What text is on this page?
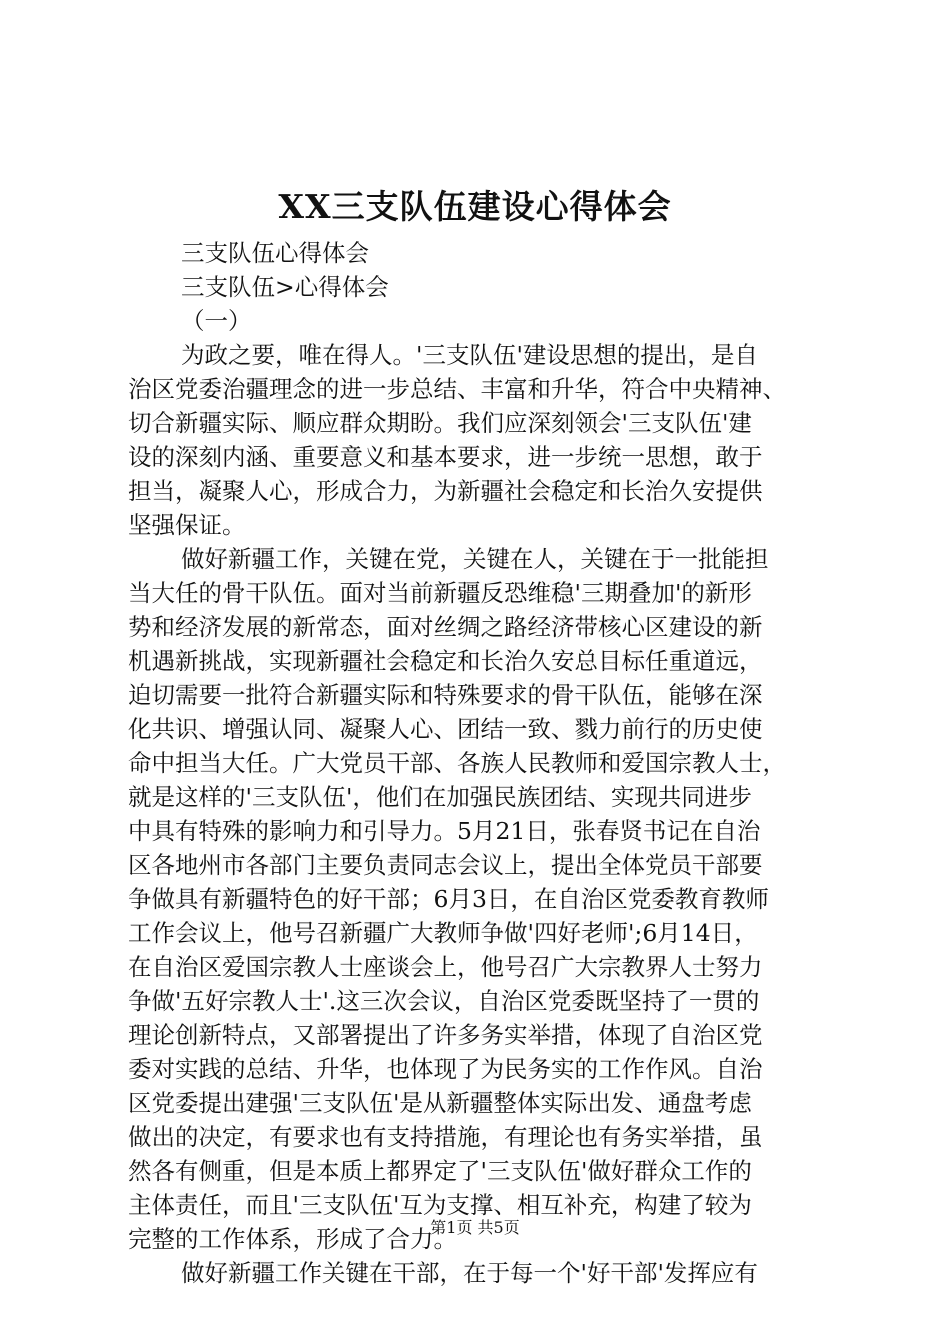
XX三支队伍建设心得体会
三支队伍心得体会
三支队伍>心得体会
（一）
为政之要，唯在得人。'三支队伍'建设思想的提出，是自
治区党委治疆理念的进一步总结、丰富和升华，符合中央精神、
切合新疆实际、顺应群众期盼。我们应深刻领会'三支队伍'建
设的深刻内涵、重要意义和基本要求，进一步统一思想，敢于
担当，凝聚人心，形成合力，为新疆社会稳定和长治久安提供
坚强保证。
做好新疆工作，关键在党，关键在人，关键在于一批能担
当大任的骨干队伍。面对当前新疆反恐维稳'三期叠加'的新形
势和经济发展的新常态，面对丝绸之路经济带核心区建设的新
机遇新挑战，实现新疆社会稳定和长治久安总目标任重道远，
迫切需要一批符合新疆实际和特殊要求的骨干队伍，能够在深
化共识、增强认同、凝聚人心、团结一致、戮力前行的历史使
命中担当大任。广大党员干部、各族人民教师和爱国宗教人士，
就是这样的'三支队伍'，他们在加强民族团结、实现共同进步
中具有特殊的影响力和引导力。5月21日，张春贤书记在自治
区各地州市各部门主要负责同志会议上，提出全体党员干部要
争做具有新疆特色的好干部；6月3日，在自治区党委教育教师
工作会议上，他号召新疆广大教师争做'四好老师';6月14日，
在自治区爱国宗教人士座谈会上，他号召广大宗教界人士努力
争做'五好宗教人士'.这三次会议，自治区党委既坚持了一贯的
理论创新特点，又部署提出了许多务实举措，体现了自治区党
委对实践的总结、升华，也体现了为民务实的工作作风。自治
区党委提出建强'三支队伍'是从新疆整体实际出发、通盘考虑
做出的决定，有要求也有支持措施，有理论也有务实举措，虽
然各有侧重，但是本质上都界定了'三支队伍'做好群众工作的
主体责任，而且'三支队伍'互为支撑、相互补充，构建了较为
完整的工作体系，形成了合力。
做好新疆工作关键在干部，在于每一个'好干部'发挥应有
第1页 共5页
